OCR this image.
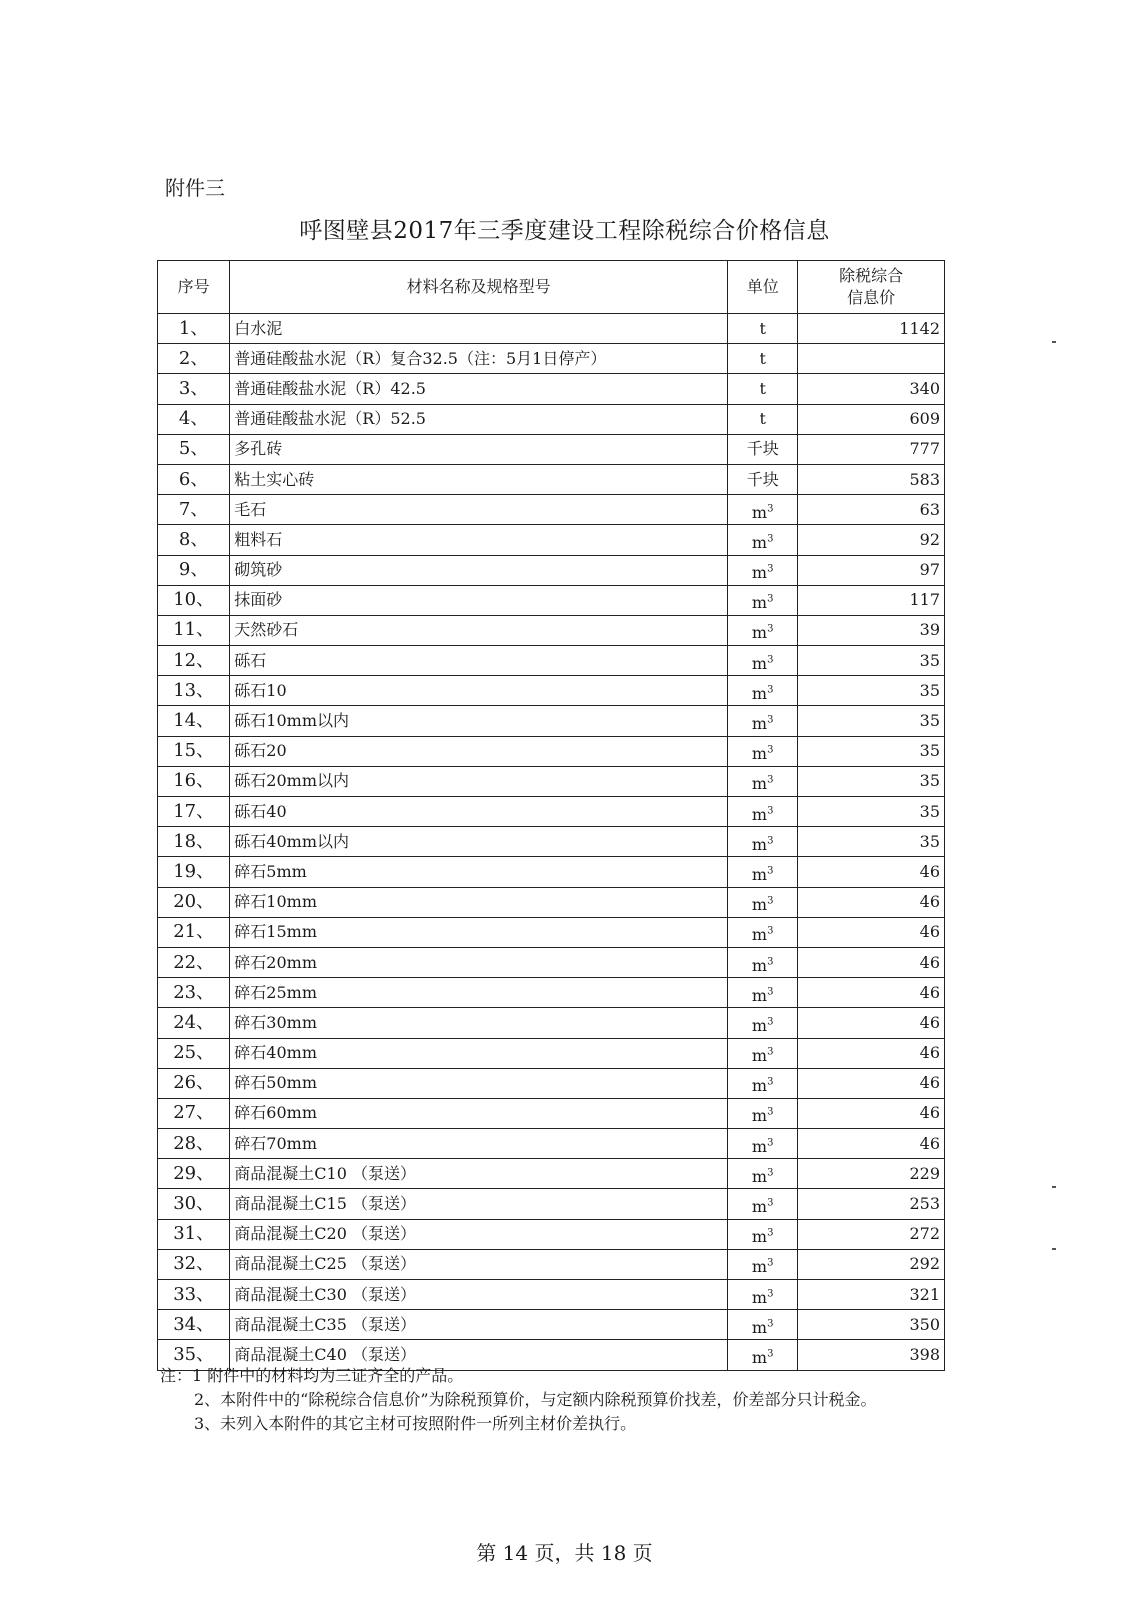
附件三
呼图壁县2017年三季度建设工程除税综合价格信息
序号	材料名称及规格型号	单位	除税综合
信息价
1、	白水泥	t	1142
2、	普通硅酸盐水泥（R）复合32.5（注：5月1日停产）	t	
3、	普通硅酸盐水泥（R）42.5	t	340
4、	普通硅酸盐水泥（R）52.5	t	609
5、	多孔砖	千块	777
6、	粘土实心砖	千块	583
7、	毛石	$m^3$	63
8、	粗料石	$m^3$	92
9、	砌筑砂	$m^3$	97
10、	抹面砂	$m^3$	117
11、	天然砂石	$m^3$	39
12、	砾石	$m^3$	35
13、	砾石10	$m^3$	35
14、	砾石10mm以内	$m^3$	35
15、	砾石20	$m^3$	35
16、	砾石20mm以内	$m^3$	35
17、	砾石40	$m^3$	35
18、	砾石40mm以内	$m^3$	35
19、	碎石5mm	$m^3$	46
20、	碎石10mm	$m^3$	46
21、	碎石15mm	$m^3$	46
22、	碎石20mm	$m^3$	46
23、	碎石25mm	$m^3$	46
24、	碎石30mm	$m^3$	46
25、	碎石40mm	$m^3$	46
26、	碎石50mm	$m^3$	46
27、	碎石60mm	$m^3$	46
28、	碎石70mm	$m^3$	46
29、	商品混凝土C10 （泵送）	$m^3$	229
30、	商品混凝土C15 （泵送）	$m^3$	253
31、	商品混凝土C20 （泵送）	$m^3$	272
32、	商品混凝土C25 （泵送）	$m^3$	292
33、	商品混凝土C30 （泵送）	$m^3$	321
34、	商品混凝土C35 （泵送）	$m^3$	350
35、	商品混凝土C40 （泵送）	$m^3$	398

注：1 附件中的材料均为三证齐全的产品。

2、本附件中的“除税综合信息价”为除税预算价，与定额内除税预算价找差，价差部分只计税金。

3、未列入本附件的其它主材可按照附件一所列主材价差执行。

第 14 页，共 18 页
